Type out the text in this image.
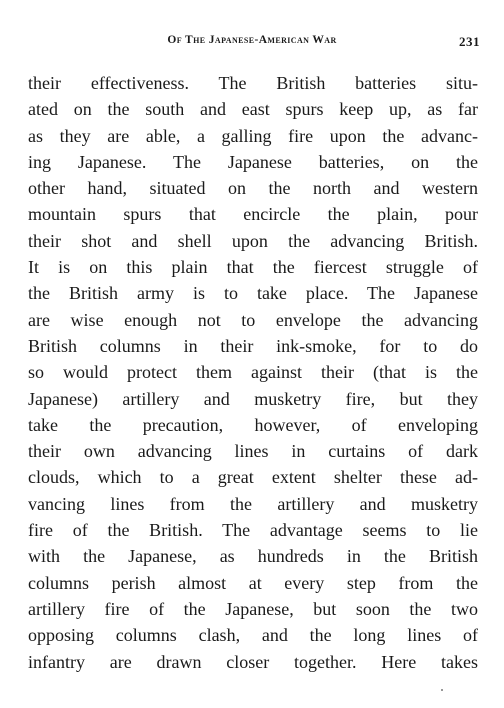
Of The Japanese-American War	231
their effectiveness. The British batteries situ-
ated on the south and east spurs keep up, as far
as they are able, a galling fire upon the advanc-
ing Japanese. The Japanese batteries, on the
other hand, situated on the north and western
mountain spurs that encircle the plain, pour
their shot and shell upon the advancing British.
It is on this plain that the fiercest struggle of
the British army is to take place. The Japanese
are wise enough not to envelope the advancing
British columns in their ink-smoke, for to do
so would protect them against their (that is the
Japanese) artillery and musketry fire, but they
take the precaution, however, of enveloping
their own advancing lines in curtains of dark
clouds, which to a great extent shelter these ad-
vancing lines from the artillery and musketry
fire of the British. The advantage seems to lie
with the Japanese, as hundreds in the British
columns perish almost at every step from the
artillery fire of the Japanese, but soon the two
opposing columns clash, and the long lines of
infantry are drawn closer together. Here takes
